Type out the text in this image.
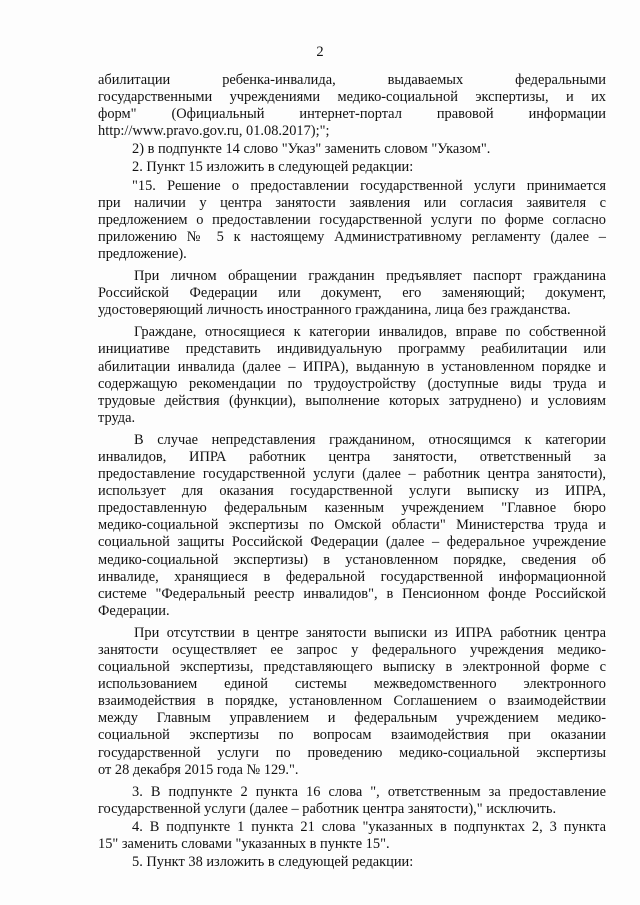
2
абилитации ребенка-инвалида, выдаваемых федеральными
государственными учреждениями медико-социальной экспертизы, и их
форм" (Официальный интернет-портал правовой информации
http://www.pravo.gov.ru, 01.08.2017);";
2) в подпункте 14 слово "Указ" заменить словом "Указом".
2. Пункт 15 изложить в следующей редакции:
"15. Решение о предоставлении государственной услуги принимается
при наличии у центра занятости заявления или согласия заявителя с
предложением о предоставлении государственной услуги по форме согласно
приложению № 5 к настоящему Административному регламенту (далее –
предложение).
При личном обращении гражданин предъявляет паспорт гражданина
Российской Федерации или документ, его заменяющий; документ,
удостоверяющий личность иностранного гражданина, лица без гражданства.
Граждане, относящиеся к категории инвалидов, вправе по собственной
инициативе представить индивидуальную программу реабилитации или
абилитации инвалида (далее – ИПРА), выданную в установленном порядке и
содержащую рекомендации по трудоустройству (доступные виды труда и
трудовые действия (функции), выполнение которых затруднено) и условиям
труда.
В случае непредставления гражданином, относящимся к категории
инвалидов, ИПРА работник центра занятости, ответственный за
предоставление государственной услуги (далее – работник центра занятости),
использует для оказания государственной услуги выписку из ИПРА,
предоставленную федеральным казенным учреждением "Главное бюро
медико-социальной экспертизы по Омской области" Министерства труда и
социальной защиты Российской Федерации (далее – федеральное учреждение
медико-социальной экспертизы) в установленном порядке, сведения об
инвалиде, хранящиеся в федеральной государственной информационной
системе "Федеральный реестр инвалидов", в Пенсионном фонде Российской
Федерации.
При отсутствии в центре занятости выписки из ИПРА работник центра
занятости осуществляет ее запрос у федерального учреждения медико-
социальной экспертизы, представляющего выписку в электронной форме с
использованием единой системы межведомственного электронного
взаимодействия в порядке, установленном Соглашением о взаимодействии
между Главным управлением и федеральным учреждением медико-
социальной экспертизы по вопросам взаимодействия при оказании
государственной услуги по проведению медико-социальной экспертизы
от 28 декабря 2015 года № 129.".
3. В подпункте 2 пункта 16 слова ", ответственным за предоставление
государственной услуги (далее – работник центра занятости)," исключить.
4. В подпункте 1 пункта 21 слова "указанных в подпунктах 2, 3 пункта
15" заменить словами "указанных в пункте 15".
5. Пункт 38 изложить в следующей редакции:
